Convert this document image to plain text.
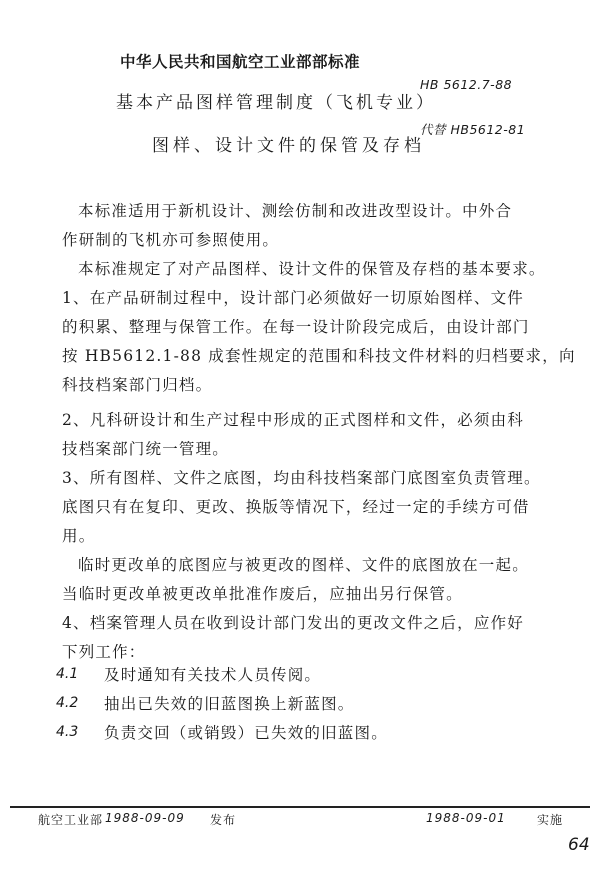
中华人民共和国航空工业部部标准
基本产品图样管理制度（飞机专业）
图样、设计文件的保管及存档
HB 5612.7-88
代替 HB5612-81
本标准适用于新机设计、测绘仿制和改进改型设计。中外合
作研制的飞机亦可参照使用。
本标准规定了对产品图样、设计文件的保管及存档的基本要求。
1、在产品研制过程中，设计部门必须做好一切原始图样、文件
的积累、整理与保管工作。在每一设计阶段完成后，由设计部门
按 HB5612.1-88 成套性规定的范围和科技文件材料的归档要求，向
科技档案部门归档。
2、凡科研设计和生产过程中形成的正式图样和文件，必须由科
技档案部门统一管理。
3、所有图样、文件之底图，均由科技档案部门底图室负责管理。
底图只有在复印、更改、换版等情况下，经过一定的手续方可借
用。
临时更改单的底图应与被更改的图样、文件的底图放在一起。
当临时更改单被更改单批准作废后，应抽出另行保管。
4、档案管理人员在收到设计部门发出的更改文件之后，应作好
下列工作：
4.1 及时通知有关技术人员传阅。
4.2 抽出已失效的旧蓝图换上新蓝图。
4.3 负责交回（或销毁）已失效的旧蓝图。
航空工业部 1988-09-09 发布	1988-09-01	实施
64
